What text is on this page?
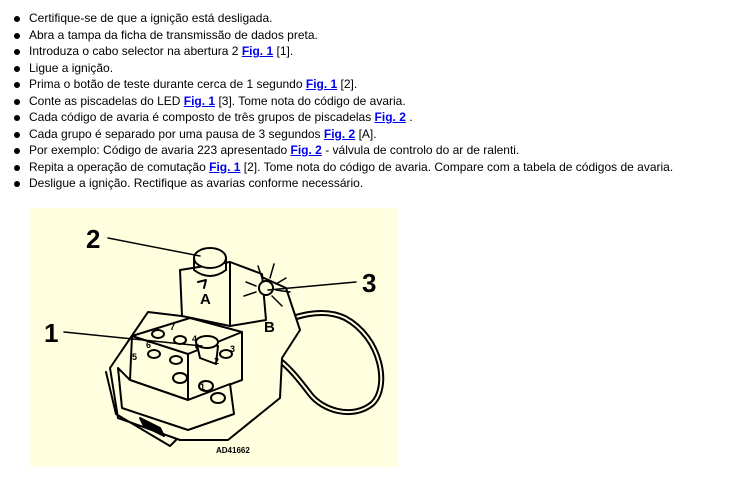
Certifique-se de que a ignição está desligada.
Abra a tampa da ficha de transmissão de dados preta.
Introduza o cabo selector na abertura 2 Fig. 1 [1].
Ligue a ignição.
Prima o botão de teste durante cerca de 1 segundo Fig. 1 [2].
Conte as piscadelas do LED Fig. 1 [3]. Tome nota do código de avaria.
Cada código de avaria é composto de três grupos de piscadelas Fig. 2 .
Cada grupo é separado por uma pausa de 3 segundos Fig. 2 [A].
Por exemplo: Código de avaria 223 apresentado Fig. 2 - válvula de controlo do ar de ralenti.
Repita a operação de comutação Fig. 1 [2]. Tome nota do código de avaria. Compare com a tabela de códigos de avaria.
Desligue a ignição. Rectifique as avarias conforme necessário.
2
1
3
A
B
7
6
5
4
3
2
1
AD41662
